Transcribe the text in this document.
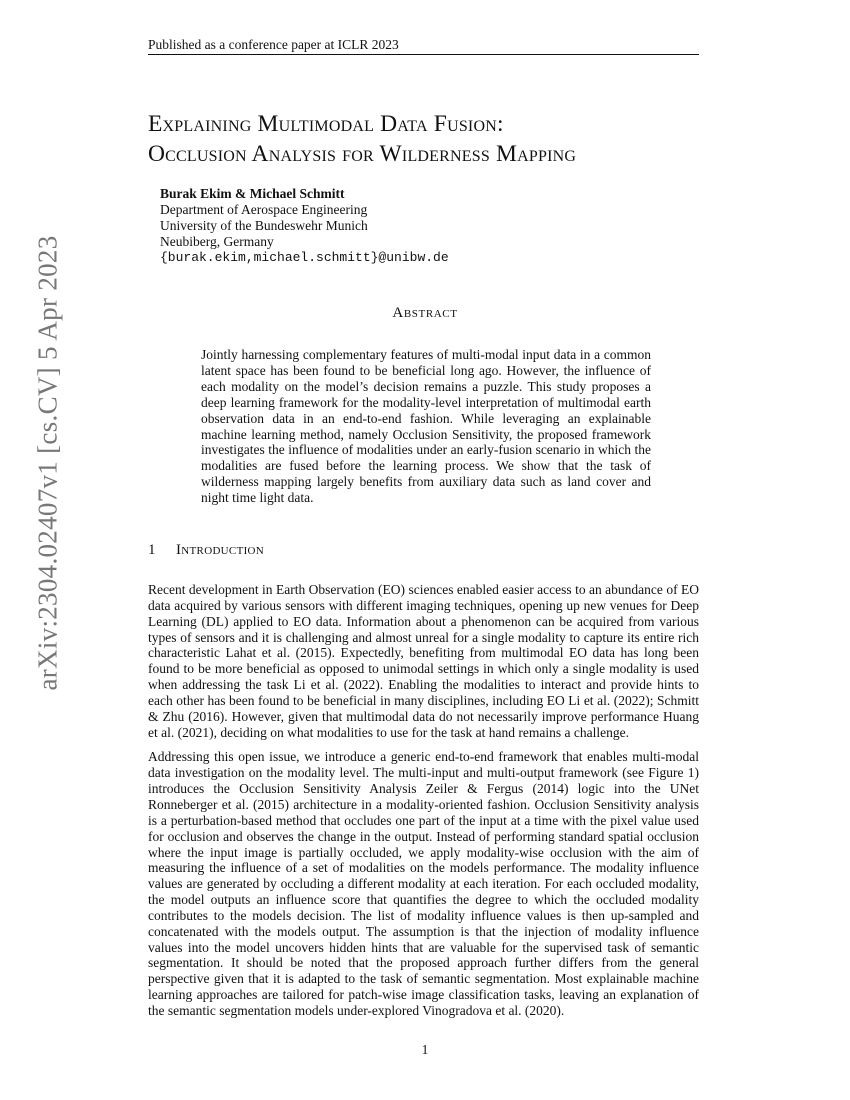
Published as a conference paper at ICLR 2023
arXiv:2304.02407v1 [cs.CV] 5 Apr 2023
Explaining Multimodal Data Fusion:
Occlusion Analysis for Wilderness Mapping
Burak Ekim & Michael Schmitt
Department of Aerospace Engineering
University of the Bundeswehr Munich
Neubiberg, Germany
{burak.ekim,michael.schmitt}@unibw.de
Abstract
Jointly harnessing complementary features of multi-modal input data in a common latent space has been found to be beneficial long ago. However, the influence of each modality on the model’s decision remains a puzzle. This study proposes a deep learning framework for the modality-level interpretation of multimodal earth observation data in an end-to-end fashion. While leveraging an explainable machine learning method, namely Occlusion Sensitivity, the proposed framework investigates the influence of modalities under an early-fusion scenario in which the modalities are fused before the learning process. We show that the task of wilderness mapping largely benefits from auxiliary data such as land cover and night time light data.
1 Introduction

Recent development in Earth Observation (EO) sciences enabled easier access to an abundance of EO data acquired by various sensors with different imaging techniques, opening up new venues for Deep Learning (DL) applied to EO data. Information about a phenomenon can be acquired from various types of sensors and it is challenging and almost unreal for a single modality to capture its entire rich characteristic Lahat et al. (2015). Expectedly, benefiting from multimodal EO data has long been found to be more beneficial as opposed to unimodal settings in which only a single modality is used when addressing the task Li et al. (2022). Enabling the modalities to interact and provide hints to each other has been found to be beneficial in many disciplines, including EO Li et al. (2022); Schmitt & Zhu (2016). However, given that multimodal data do not necessarily improve performance Huang et al. (2021), deciding on what modalities to use for the task at hand remains a challenge.

Addressing this open issue, we introduce a generic end-to-end framework that enables multi-modal data investigation on the modality level. The multi-input and multi-output framework (see Figure 1) introduces the Occlusion Sensitivity Analysis Zeiler & Fergus (2014) logic into the UNet Ronneberger et al. (2015) architecture in a modality-oriented fashion. Occlusion Sensitivity analysis is a perturbation-based method that occludes one part of the input at a time with the pixel value used for occlusion and observes the change in the output. Instead of performing standard spatial occlusion where the input image is partially occluded, we apply modality-wise occlusion with the aim of measuring the influence of a set of modalities on the models performance. The modality influence values are generated by occluding a different modality at each iteration. For each occluded modality, the model outputs an influence score that quantifies the degree to which the occluded modality contributes to the models decision. The list of modality influence values is then up-sampled and concatenated with the models output. The assumption is that the injection of modality influence values into the model uncovers hidden hints that are valuable for the supervised task of semantic segmentation. It should be noted that the proposed approach further differs from the general perspective given that it is adapted to the task of semantic segmentation. Most explainable machine learning approaches are tailored for patch-wise image classification tasks, leaving an explanation of the semantic segmentation models under-explored Vinogradova et al. (2020).

1
